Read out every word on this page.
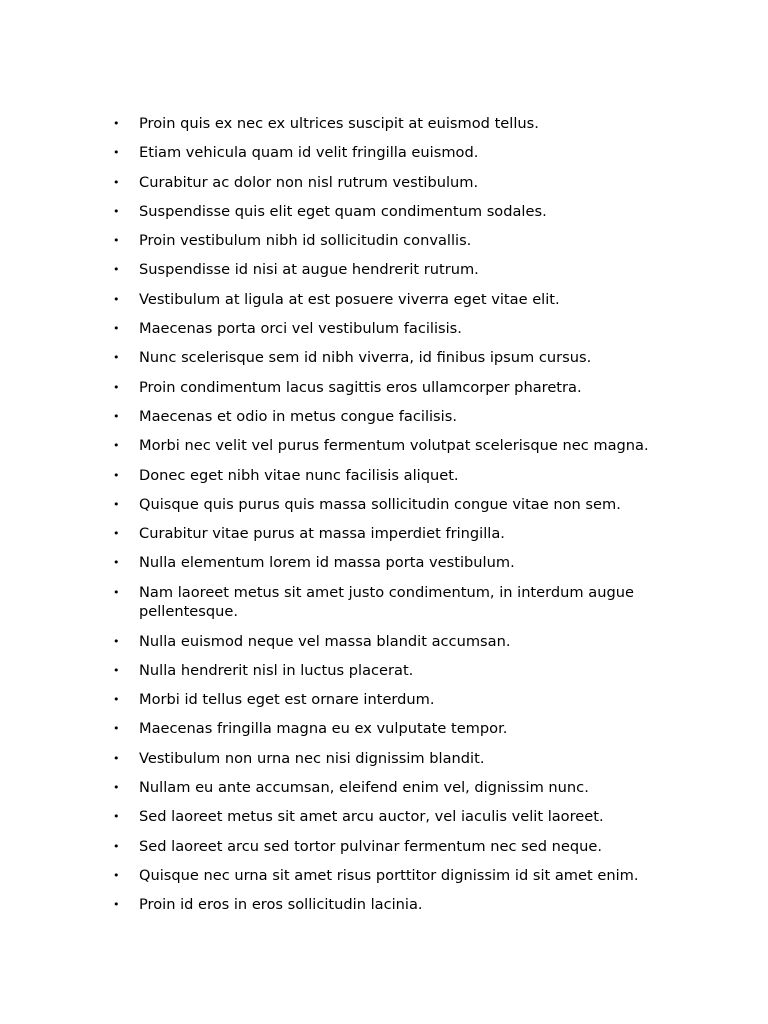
• Proin quis ex nec ex ultrices suscipit at euismod tellus.
• Etiam vehicula quam id velit fringilla euismod.
• Curabitur ac dolor non nisl rutrum vestibulum.
• Suspendisse quis elit eget quam condimentum sodales.
• Proin vestibulum nibh id sollicitudin convallis.
• Suspendisse id nisi at augue hendrerit rutrum.
• Vestibulum at ligula at est posuere viverra eget vitae elit.
• Maecenas porta orci vel vestibulum facilisis.
• Nunc scelerisque sem id nibh viverra, id finibus ipsum cursus.
• Proin condimentum lacus sagittis eros ullamcorper pharetra.
• Maecenas et odio in metus congue facilisis.
• Morbi nec velit vel purus fermentum volutpat scelerisque nec magna.
• Donec eget nibh vitae nunc facilisis aliquet.
• Quisque quis purus quis massa sollicitudin congue vitae non sem.
• Curabitur vitae purus at massa imperdiet fringilla.
• Nulla elementum lorem id massa porta vestibulum.
• Nam laoreet metus sit amet justo condimentum, in interdum augue pellentesque.
• Nulla euismod neque vel massa blandit accumsan.
• Nulla hendrerit nisl in luctus placerat.
• Morbi id tellus eget est ornare interdum.
• Maecenas fringilla magna eu ex vulputate tempor.
• Vestibulum non urna nec nisi dignissim blandit.
• Nullam eu ante accumsan, eleifend enim vel, dignissim nunc.
• Sed laoreet metus sit amet arcu auctor, vel iaculis velit laoreet.
• Sed laoreet arcu sed tortor pulvinar fermentum nec sed neque.
• Quisque nec urna sit amet risus porttitor dignissim id sit amet enim.
• Proin id eros in eros sollicitudin lacinia.
